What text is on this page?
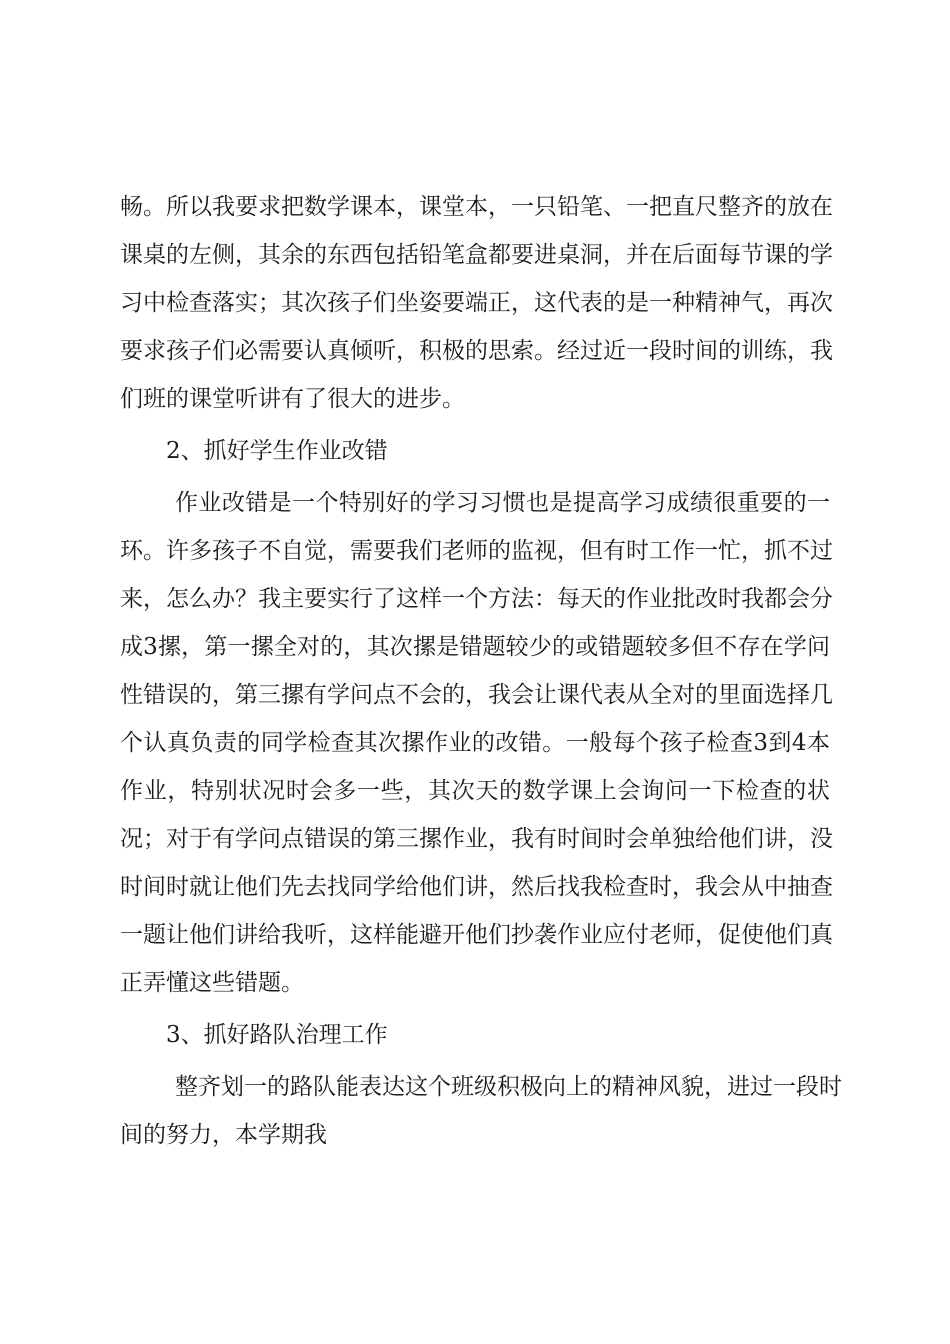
畅。所以我要求把数学课本，课堂本，一只铅笔、一把直尺整齐的放在
课桌的左侧，其余的东西包括铅笔盒都要进桌洞，并在后面每节课的学
习中检查落实；其次孩子们坐姿要端正，这代表的是一种精神气，再次
要求孩子们必需要认真倾听，积极的思索。经过近一段时间的训练，我
们班的课堂听讲有了很大的进步。
2、抓好学生作业改错
作业改错是一个特别好的学习习惯也是提高学习成绩很重要的一
环。许多孩子不自觉，需要我们老师的监视，但有时工作一忙，抓不过
来，怎么办？我主要实行了这样一个方法：每天的作业批改时我都会分
成3摞，第一摞全对的，其次摞是错题较少的或错题较多但不存在学问
性错误的，第三摞有学问点不会的，我会让课代表从全对的里面选择几
个认真负责的同学检查其次摞作业的改错。一般每个孩子检查3到4本
作业，特别状况时会多一些，其次天的数学课上会询问一下检查的状
况；对于有学问点错误的第三摞作业，我有时间时会单独给他们讲，没
时间时就让他们先去找同学给他们讲，然后找我检查时，我会从中抽查
一题让他们讲给我听，这样能避开他们抄袭作业应付老师，促使他们真
正弄懂这些错题。
3、抓好路队治理工作
整齐划一的路队能表达这个班级积极向上的精神风貌，进过一段时
间的努力，本学期我
